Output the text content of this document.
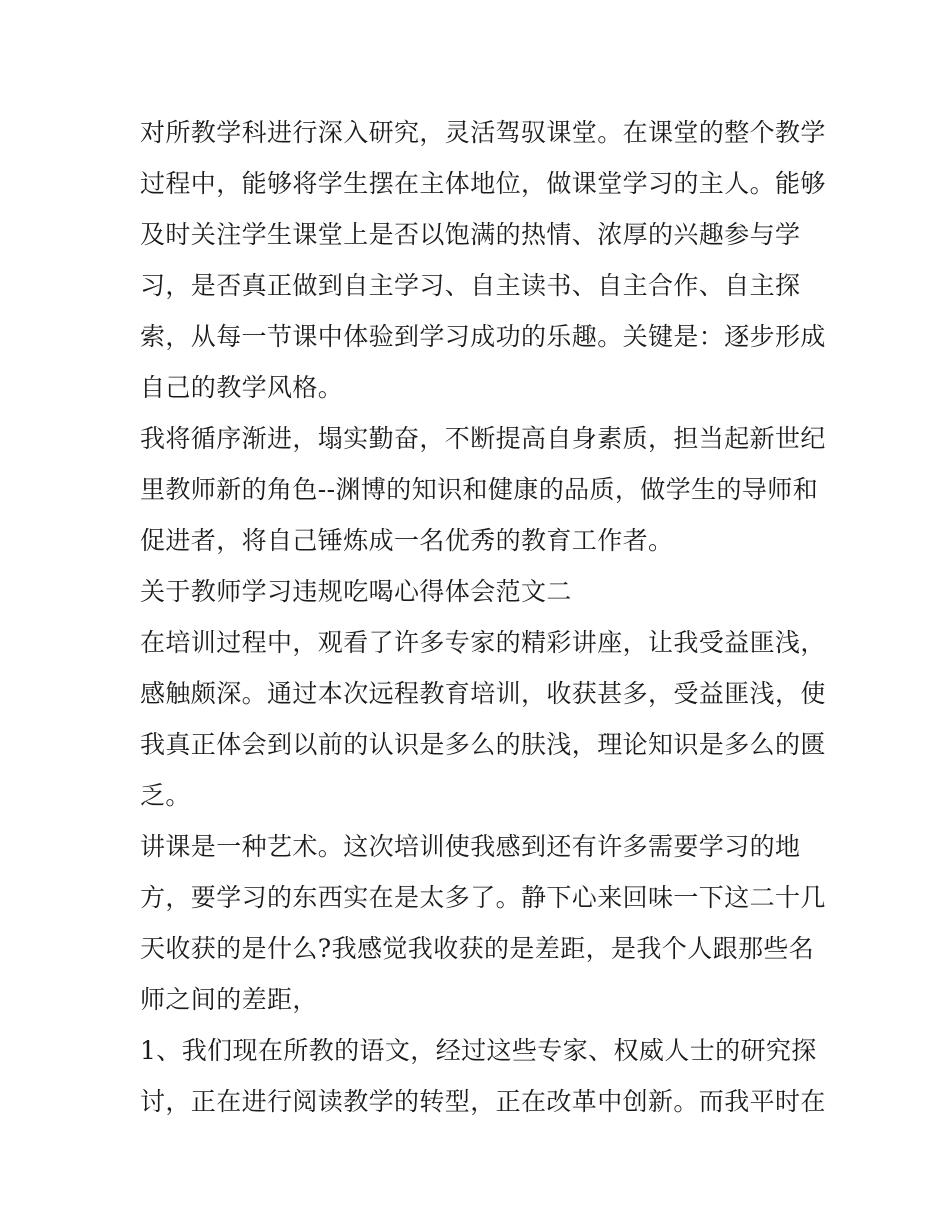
对所教学科进行深入研究，灵活驾驭课堂。在课堂的整个教学
过程中，能够将学生摆在主体地位，做课堂学习的主人。能够
及时关注学生课堂上是否以饱满的热情、浓厚的兴趣参与学
习，是否真正做到自主学习、自主读书、自主合作、自主探
索，从每一节课中体验到学习成功的乐趣。关键是：逐步形成
自己的教学风格。
我将循序渐进，塌实勤奋，不断提高自身素质，担当起新世纪
里教师新的角色--渊博的知识和健康的品质，做学生的导师和
促进者，将自己锤炼成一名优秀的教育工作者。
关于教师学习违规吃喝心得体会范文二
在培训过程中，观看了许多专家的精彩讲座，让我受益匪浅，
感触颇深。通过本次远程教育培训，收获甚多，受益匪浅，使
我真正体会到以前的认识是多么的肤浅，理论知识是多么的匮
乏。
讲课是一种艺术。这次培训使我感到还有许多需要学习的地
方，要学习的东西实在是太多了。静下心来回味一下这二十几
天收获的是什么?我感觉我收获的是差距，是我个人跟那些名
师之间的差距，
1、我们现在所教的语文，经过这些专家、权威人士的研究探
讨，正在进行阅读教学的转型，正在改革中创新。而我平时在
